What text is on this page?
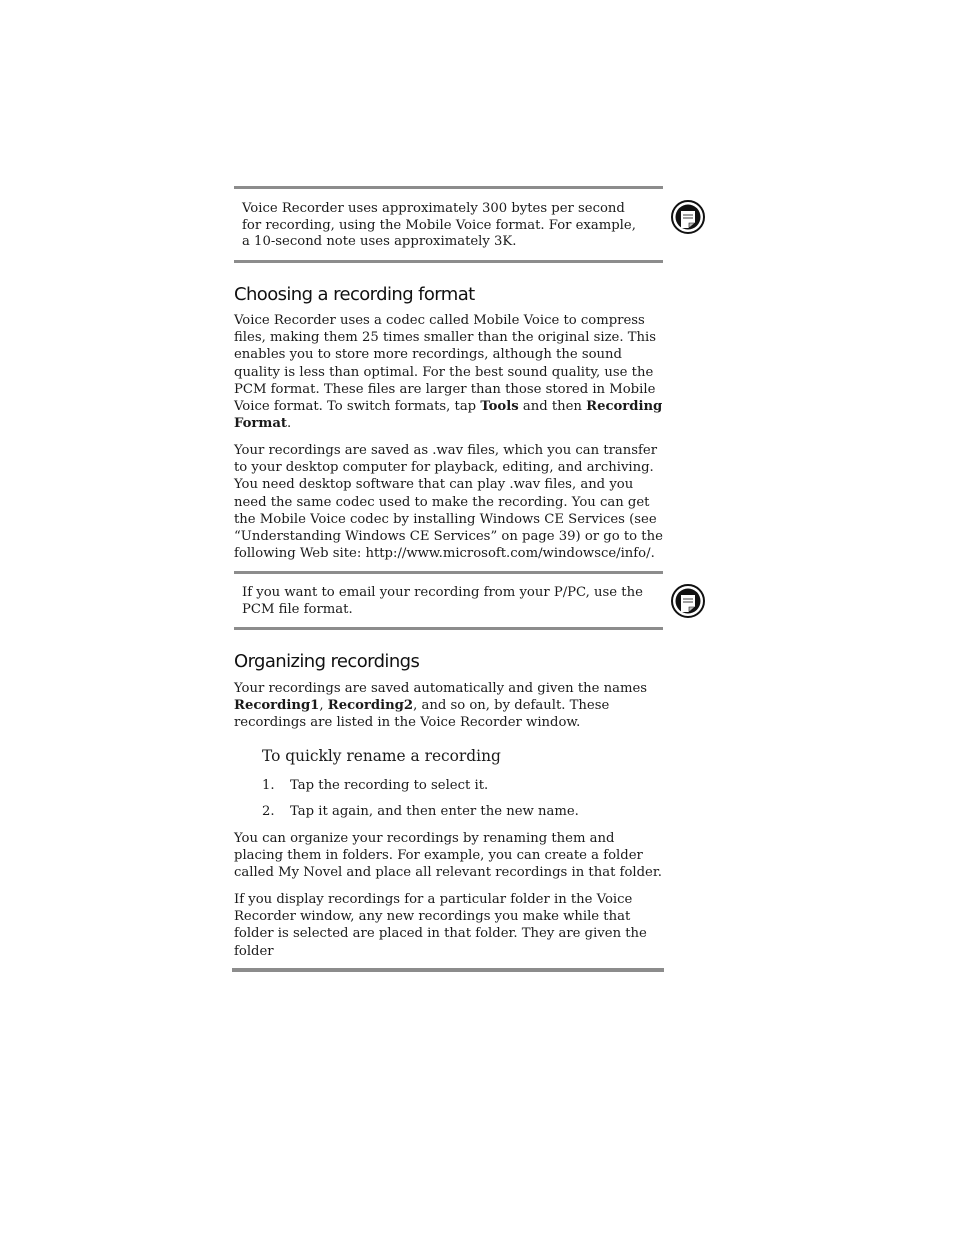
Voice Recorder uses approximately 300 bytes per second for recording, using the Mobile Voice format. For example, a 10-second note uses approximately 3K.
Choosing a recording format

Voice Recorder uses a codec called Mobile Voice to compress files, making them 25 times smaller than the original size. This enables you to store more recordings, although the sound quality is less than optimal. For the best sound quality, use the PCM format. These files are larger than those stored in Mobile Voice format. To switch formats, tap Tools and then Recording Format.

Your recordings are saved as .wav files, which you can transfer to your desktop computer for playback, editing, and archiving. You need desktop software that can play .wav files, and you need the same codec used to make the recording. You can get the Mobile Voice codec by installing Windows CE Services (see “Understanding Windows CE Services” on page 39) or go to the following Web site: http://www.microsoft.com/windowsce/info/.

If you want to email your recording from your P/PC, use the PCM file format.
Organizing recordings

Your recordings are saved automatically and given the names Recording1, Recording2, and so on, by default. These recordings are listed in the Voice Recorder window.

To quickly rename a recording
1. Tap the recording to select it.
2. Tap it again, and then enter the new name.

You can organize your recordings by renaming them and placing them in folders. For example, you can create a folder called My Novel and place all relevant recordings in that folder.

If you display recordings for a particular folder in the Voice Recorder window, any new recordings you make while that folder is selected are placed in that folder. They are given the folder
